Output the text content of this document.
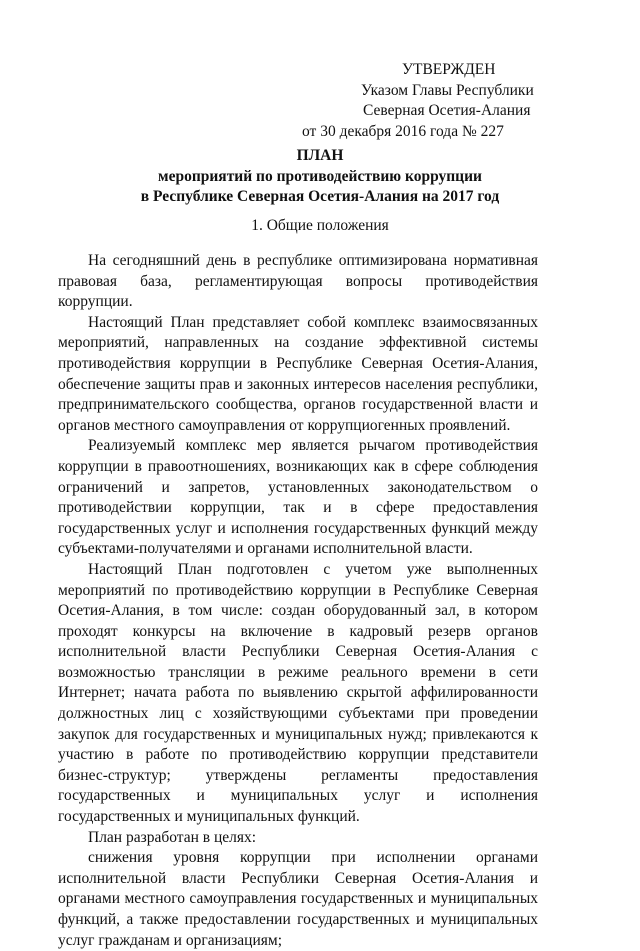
УТВЕРЖДЕН
Указом Главы Республики
Северная Осетия-Алания
от 30 декабря 2016 года № 227
ПЛАН
мероприятий по противодействию коррупции
в Республике Северная Осетия-Алания на 2017 год
1. Общие положения

На сегодняшний день в республике оптимизирована нормативная правовая база, регламентирующая вопросы противодействия коррупции.

Настоящий План представляет собой комплекс взаимосвязанных мероприятий, направленных на создание эффективной системы противодействия коррупции в Республике Северная Осетия-Алания, обеспечение защиты прав и законных интересов населения республики, предпринимательского сообщества, органов государственной власти и органов местного самоуправления от коррупциогенных проявлений.

Реализуемый комплекс мер является рычагом противодействия коррупции в правоотношениях, возникающих как в сфере соблюдения ограничений и запретов, установленных законодательством о противодействии коррупции, так и в сфере предоставления государственных услуг и исполнения государственных функций между субъектами-получателями и органами исполнительной власти.

Настоящий План подготовлен с учетом уже выполненных мероприятий по противодействию коррупции в Республике Северная Осетия-Алания, в том числе: создан оборудованный зал, в котором проходят конкурсы на включение в кадровый резерв органов исполнительной власти Республики Северная Осетия-Алания с возможностью трансляции в режиме реального времени в сети Интернет; начата работа по выявлению скрытой аффилированности должностных лиц с хозяйствующими субъектами при проведении закупок для государственных и муниципальных нужд; привлекаются к участию в работе по противодействию коррупции представители бизнес-структур; утверждены регламенты предоставления государственных и муниципальных услуг и исполнения государственных и муниципальных функций.

План разработан в целях:

снижения уровня коррупции при исполнении органами исполнительной власти Республики Северная Осетия-Алания и органами местного самоуправления государственных и муниципальных функций, а также предоставлении государственных и муниципальных услуг гражданам и организациям;
